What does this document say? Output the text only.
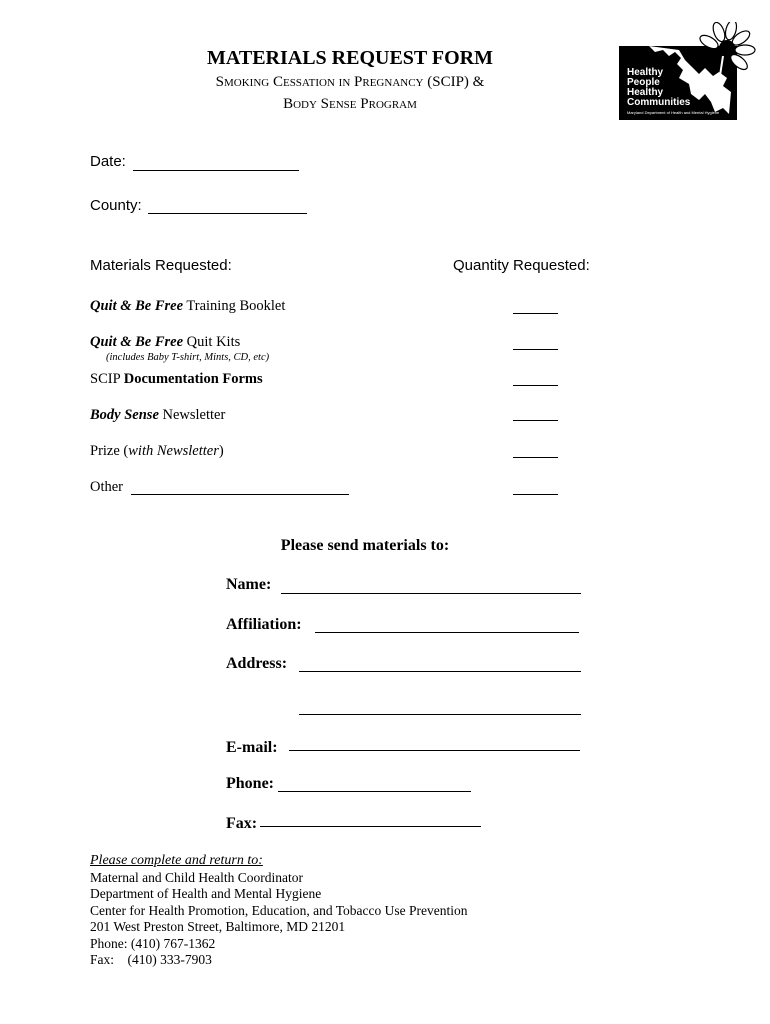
MATERIALS REQUEST FORM
Smoking Cessation in Pregnancy (SCIP) &
Body Sense Program
Healthy
People
Healthy
Communities
Maryland Department of Health and Mental Hygiene
Date:
County:
Materials Requested:	Quantity Requested:
Quit & Be Free Training Booklet
Quit & Be Free Quit Kits
(includes Baby T-shirt, Mints, CD, etc)
SCIP Documentation Forms
Body Sense Newsletter
Prize (with Newsletter)
Other
Please send materials to:
Name:
Affiliation:
Address:
E-mail:
Phone:
Fax:
Please complete and return to:
Maternal and Child Health Coordinator
Department of Health and Mental Hygiene
Center for Health Promotion, Education, and Tobacco Use Prevention
201 West Preston Street, Baltimore, MD 21201
Phone: (410) 767-1362
Fax:    (410) 333-7903
